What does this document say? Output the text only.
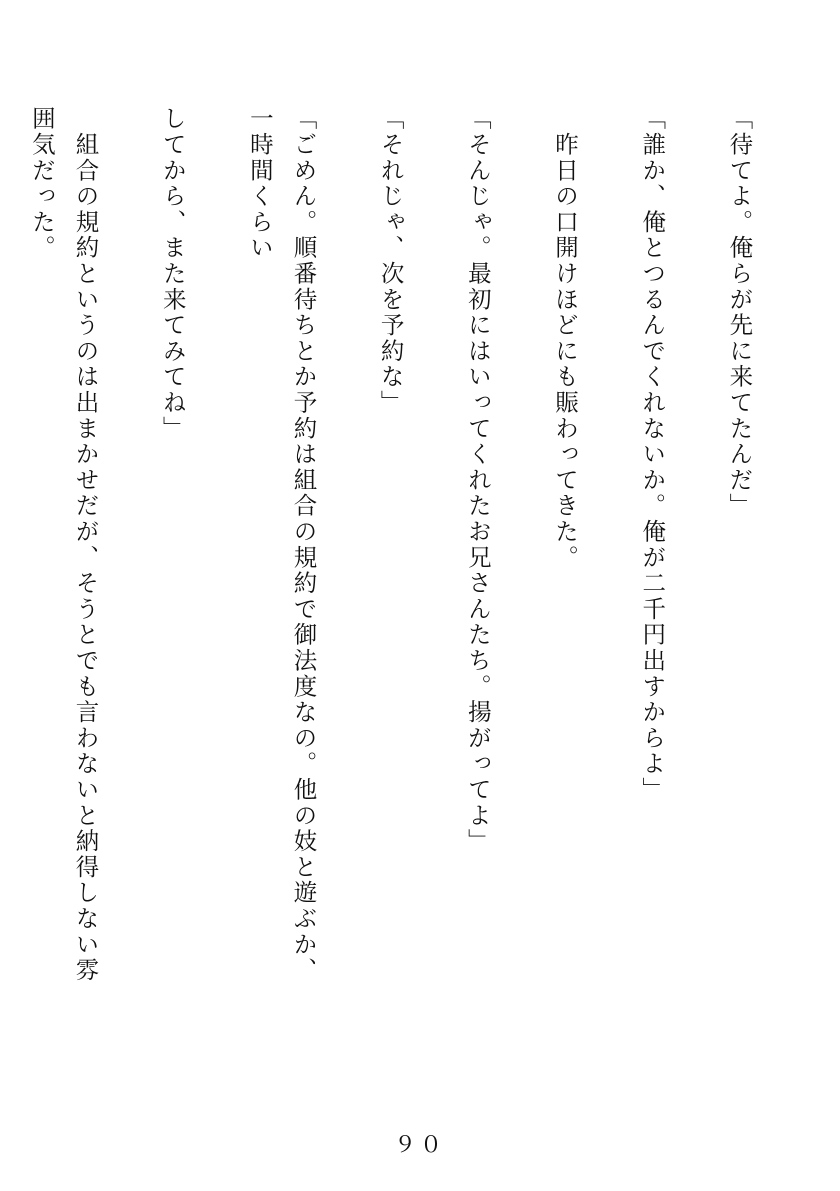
「待てよ。俺らが先に来てたんだ」

「誰か、俺とつるんでくれないか。俺が二千円出すからよ」

　昨日の口開けほどにも賑わってきた。

「そんじゃ。最初にはいってくれたお兄さんたち。揚がってよ」

「それじゃ、次を予約な」

「ごめん。順番待ちとか予約は組合の規約で御法度なの。他の妓と遊ぶか、一時間くらい

してから、また来てみてね」

　組合の規約というのは出まかせだが、そうとでも言わないと納得しない雰囲気だった。

９０
